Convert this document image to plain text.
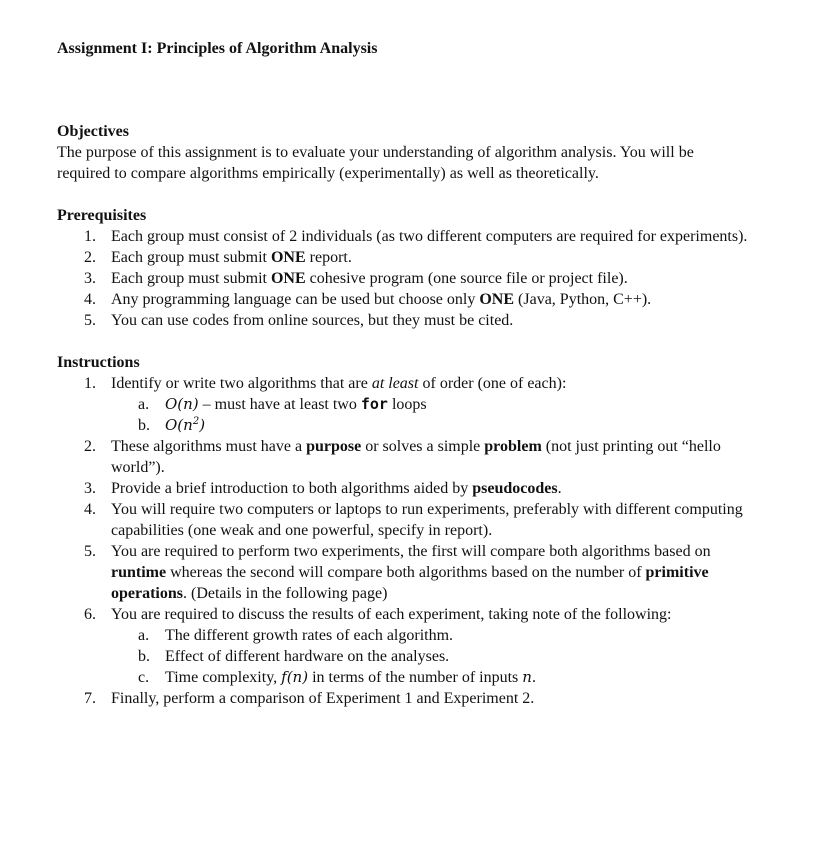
Assignment I: Principles of Algorithm Analysis

Objectives

The purpose of this assignment is to evaluate your understanding of algorithm analysis. You will be required to compare algorithms empirically (experimentally) as well as theoretically.

Prerequisites

1. Each group must consist of 2 individuals (as two different computers are required for experiments).
2. Each group must submit ONE report.
3. Each group must submit ONE cohesive program (one source file or project file).
4. Any programming language can be used but choose only ONE (Java, Python, C++).
5. You can use codes from online sources, but they must be cited.

Instructions

1. Identify or write two algorithms that are at least of order (one of each):
a. O(n) – must have at least two for loops
b. $O(n^2)$
2. These algorithms must have a purpose or solves a simple problem (not just printing out “hello world”).
3. Provide a brief introduction to both algorithms aided by pseudocodes.
4. You will require two computers or laptops to run experiments, preferably with different computing capabilities (one weak and one powerful, specify in report).
5. You are required to perform two experiments, the first will compare both algorithms based on runtime whereas the second will compare both algorithms based on the number of primitive operations. (Details in the following page)
6. You are required to discuss the results of each experiment, taking note of the following:
a. The different growth rates of each algorithm.
b. Effect of different hardware on the analyses.
c. Time complexity, f(n) in terms of the number of inputs n.
7. Finally, perform a comparison of Experiment 1 and Experiment 2.
